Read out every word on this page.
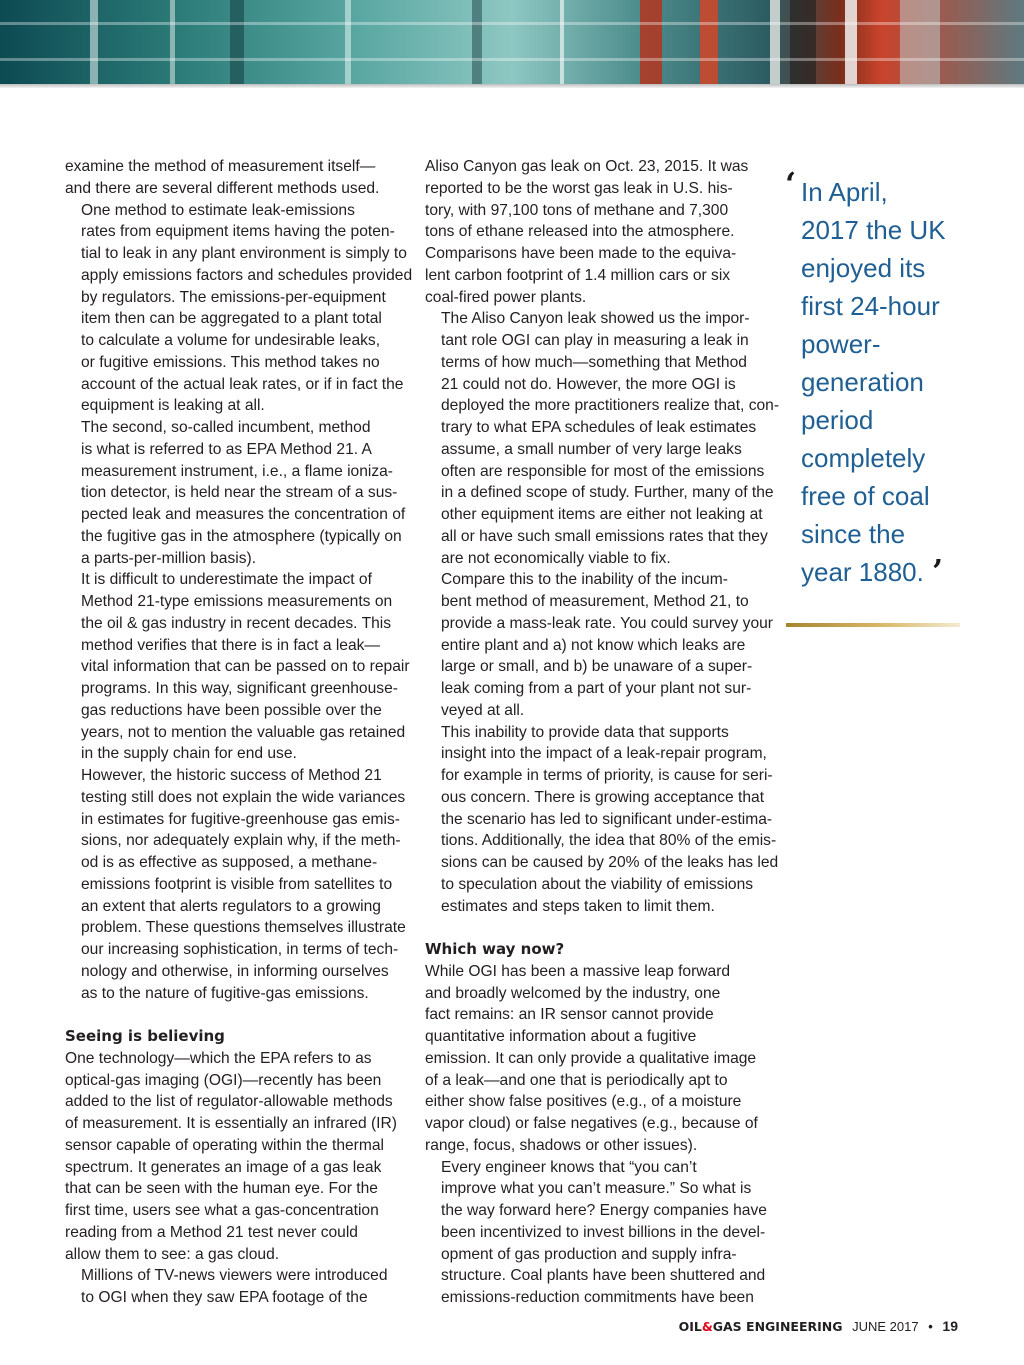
examine the method of measurement itself—
and there are several different methods used.

One method to estimate leak-emissions
rates from equipment items having the poten-
tial to leak in any plant environment is simply to
apply emissions factors and schedules provided
by regulators. The emissions-per-equipment
item then can be aggregated to a plant total
to calculate a volume for undesirable leaks,
or fugitive emissions. This method takes no
account of the actual leak rates, or if in fact the
equipment is leaking at all.

The second, so-called incumbent, method
is what is referred to as EPA Method 21. A
measurement instrument, i.e., a flame ioniza-
tion detector, is held near the stream of a sus-
pected leak and measures the concentration of
the fugitive gas in the atmosphere (typically on
a parts-per-million basis).

It is difficult to underestimate the impact of
Method 21-type emissions measurements on
the oil & gas industry in recent decades. This
method verifies that there is in fact a leak—
vital information that can be passed on to repair
programs. In this way, significant greenhouse-
gas reductions have been possible over the
years, not to mention the valuable gas retained
in the supply chain for end use.

However, the historic success of Method 21
testing still does not explain the wide variances
in estimates for fugitive-greenhouse gas emis-
sions, nor adequately explain why, if the meth-
od is as effective as supposed, a methane-
emissions footprint is visible from satellites to
an extent that alerts regulators to a growing
problem. These questions themselves illustrate
our increasing sophistication, in terms of tech-
nology and otherwise, in informing ourselves
as to the nature of fugitive-gas emissions.

Seeing is believing

One technology—which the EPA refers to as
optical-gas imaging (OGI)—recently has been
added to the list of regulator-allowable methods
of measurement. It is essentially an infrared (IR)
sensor capable of operating within the thermal
spectrum. It generates an image of a gas leak
that can be seen with the human eye. For the
first time, users see what a gas-concentration
reading from a Method 21 test never could
allow them to see: a gas cloud.

Millions of TV-news viewers were introduced
to OGI when they saw EPA footage of the

Aliso Canyon gas leak on Oct. 23, 2015. It was
reported to be the worst gas leak in U.S. his-
tory, with 97,100 tons of methane and 7,300
tons of ethane released into the atmosphere.
Comparisons have been made to the equiva-
lent carbon footprint of 1.4 million cars or six
coal-fired power plants.

The Aliso Canyon leak showed us the impor-
tant role OGI can play in measuring a leak in
terms of how much—something that Method
21 could not do. However, the more OGI is
deployed the more practitioners realize that, con-
trary to what EPA schedules of leak estimates
assume, a small number of very large leaks
often are responsible for most of the emissions
in a defined scope of study. Further, many of the
other equipment items are either not leaking at
all or have such small emissions rates that they
are not economically viable to fix.

Compare this to the inability of the incum-
bent method of measurement, Method 21, to
provide a mass-leak rate. You could survey your
entire plant and a) not know which leaks are
large or small, and b) be unaware of a super-
leak coming from a part of your plant not sur-
veyed at all.

This inability to provide data that supports
insight into the impact of a leak-repair program,
for example in terms of priority, is cause for seri-
ous concern. There is growing acceptance that
the scenario has led to significant under-estima-
tions. Additionally, the idea that 80% of the emis-
sions can be caused by 20% of the leaks has led
to speculation about the viability of emissions
estimates and steps taken to limit them.

Which way now?

While OGI has been a massive leap forward
and broadly welcomed by the industry, one
fact remains: an IR sensor cannot provide
quantitative information about a fugitive
emission. It can only provide a qualitative image
of a leak—and one that is periodically apt to
either show false positives (e.g., of a moisture
vapor cloud) or false negatives (e.g., because of
range, focus, shadows or other issues).

Every engineer knows that “you can’t
improve what you can’t measure.” So what is
the way forward here? Energy companies have
been incentivized to invest billions in the devel-
opment of gas production and supply infra-
structure. Coal plants have been shuttered and
emissions-reduction commitments have been

‘ In April,
2017 the UK
enjoyed its
first 24-hour
power-
generation
period
completely
free of coal
since the
year 1880. ’
OIL&GAS ENGINEERING JUNE 2017 • 19
